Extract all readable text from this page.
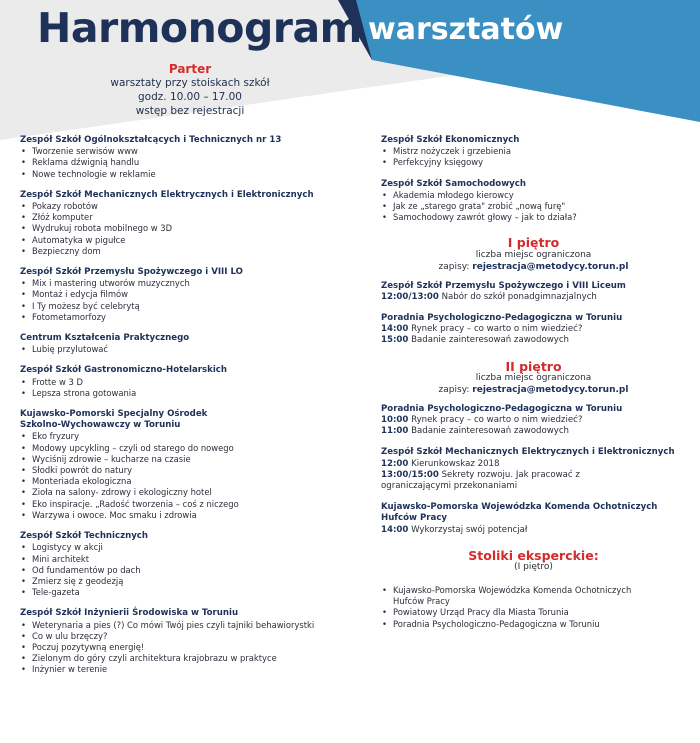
Harmonogram warsztatów
Parter
warsztaty przy stoiskach szkół
godz. 10.00 – 17.00
wstęp bez rejestracji
Zespół Szkół Ogólnokształcących i Technicznych nr 13
• Tworzenie serwisów www
• Reklama dźwignią handlu
• Nowe technologie w reklamie
Zespół Szkół Mechanicznych Elektrycznych i Elektronicznych
• Pokazy robotów
• Złóż komputer
• Wydrukuj robota mobilnego w 3D
• Automatyka w pigułce
• Bezpieczny dom
Zespół Szkół Przemysłu Spożywczego i VIII LO
• Mix i mastering utworów muzycznych
• Montaż i edycja filmów
• I Ty możesz być celebrytą
• Fotometamorfozy
Centrum Kształcenia Praktycznego
• Lubię przylutować
Zespół Szkół Gastronomiczno-Hotelarskich
• Frotte w 3 D
• Lepsza strona gotowania
Kujawsko-Pomorski Specjalny Ośrodek Szkolno-Wychowawczy w Toruniu
• Eko fryzury
• Modowy upcykling – czyli od starego do nowego
• Wyciśnij zdrowie – kucharze na czasie
• Słodki powrót do natury
• Monteriada ekologiczna
• Zioła na salony- zdrowy i ekologiczny hotel
• Eko inspiracje. „Radość tworzenia – coś z niczego
• Warzywa i owoce. Moc smaku i zdrowia
Zespół Szkół Technicznych
• Logistycy w akcji
• Mini architekt
• Od fundamentów po dach
• Zmierz się z geodezją
• Tele-gazeta
Zespół Szkół Inżynierii Środowiska w Toruniu
• Weterynaria a pies (?) Co mówi Twój pies czyli tajniki behawiorystki
• Co w ulu brzęczy?
• Poczuj pozytywną energię!
• Zielonym do góry czyli architektura krajobrazu w praktyce
• Inżynier w terenie
Zespół Szkół Ekonomicznych
• Mistrz nożyczek i grzebienia
• Perfekcyjny księgowy
Zespół Szkół Samochodowych
• Akademia młodego kierowcy
• Jak ze „starego grata" zrobić „nową furę"
• Samochodowy zawrót głowy – jak to działa?
I piętro
liczba miejsc ograniczona
zapisy: rejestracja@metodycy.torun.pl
Zespół Szkół Przemysłu Spożywczego i VIII Liceum
12:00/13:00 Nabór do szkół ponadgimnazjalnych
Poradnia Psychologiczno-Pedagogiczna w Toruniu
14:00 Rynek pracy – co warto o nim wiedzieć?
15:00 Badanie zainteresowań zawodowych
II piętro
liczba miejsc ograniczona
zapisy: rejestracja@metodycy.torun.pl
Poradnia Psychologiczno-Pedagogiczna w Toruniu
10:00 Rynek pracy – co warto o nim wiedzieć?
11:00 Badanie zainteresowań zawodowych
Zespół Szkół Mechanicznych Elektrycznych i Elektronicznych
12:00 Kierunkowskaz 2018
13:00/15:00 Sekrety rozwoju. Jak pracować z ograniczającymi przekonaniami
Kujawsko-Pomorska Wojewódzka Komenda Ochotniczych Hufców Pracy
14:00 Wykorzystaj swój potencjał
Stoliki eksperckie:
(I piętro)
• Kujawsko-Pomorska Wojewódzka Komenda Ochotniczych Hufców Pracy
• Powiatowy Urząd Pracy dla Miasta Torunia
• Poradnia Psychologiczno-Pedagogiczna w Toruniu
